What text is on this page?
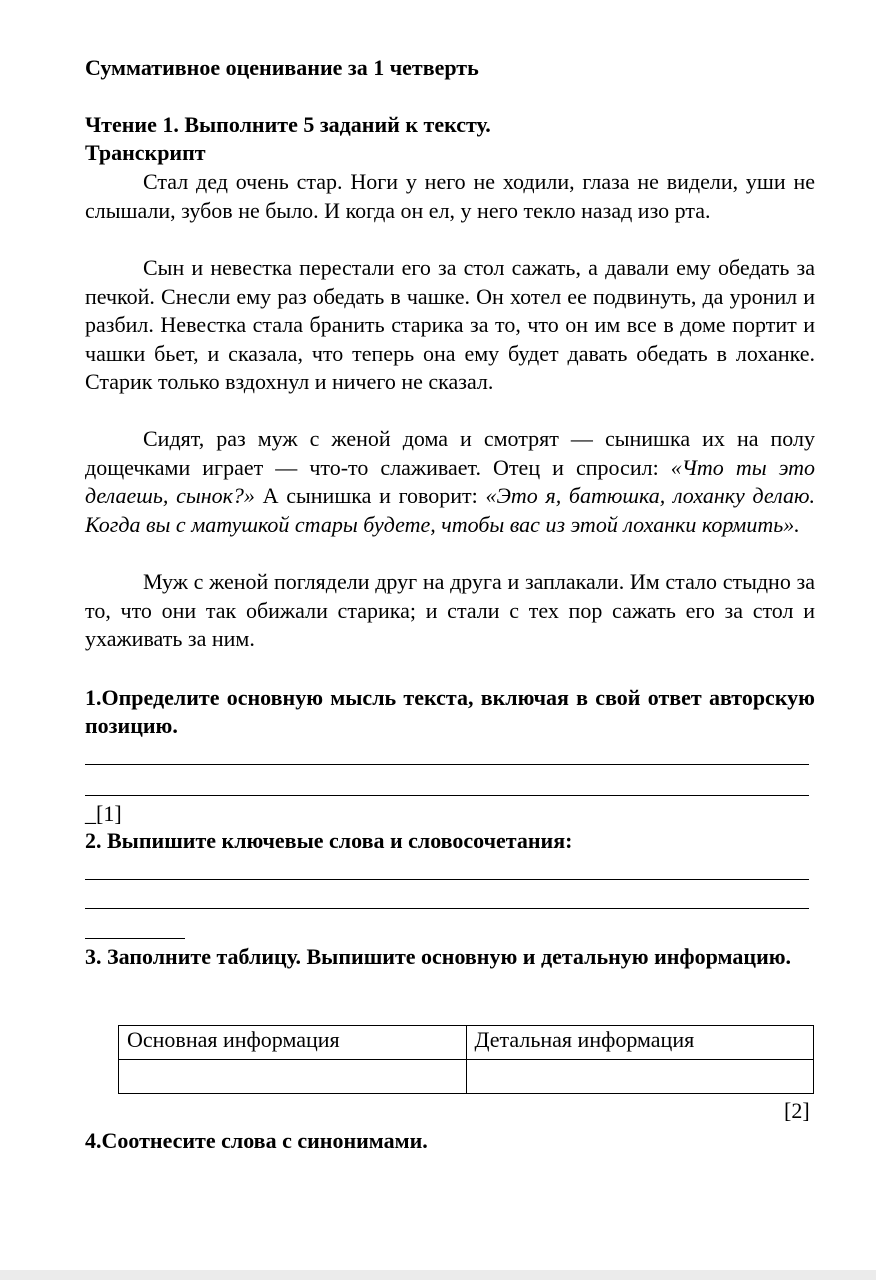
Суммативное оценивание за 1 четверть
Чтение 1. Выполните 5 заданий к тексту.
Транскрипт
Стал дед очень стар. Ноги у него не ходили, глаза не видели, уши не слышали, зубов не было. И когда он ел, у него текло назад изо рта.
Сын и невестка перестали его за стол сажать, а давали ему обедать за печкой. Снесли ему раз обедать в чашке. Он хотел ее подвинуть, да уронил и разбил. Невестка стала бранить старика за то, что он им все в доме портит и чашки бьет, и сказала, что теперь она ему будет давать обедать в лоханке. Старик только вздохнул и ничего не сказал.
Сидят, раз муж с женой дома и смотрят — сынишка их на полу дощечками играет — что-то слаживает. Отец и спросил: «Что ты это делаешь, сынок?» А сынишка и говорит: «Это я, батюшка, лоханку делаю. Когда вы с матушкой стары будете, чтобы вас из этой лоханки кормить».
Муж с женой поглядели друг на друга и заплакали. Им стало стыдно за то, что они так обижали старика; и стали с тех пор сажать его за стол и ухаживать за ним.
1.Определите основную мысль текста, включая в свой ответ авторскую позицию.
_[1]
2. Выпишите ключевые слова и словосочетания:
3. Заполните таблицу. Выпишите основную и детальную информацию.
[2]
4.Соотнесите слова с синонимами.
Основная информация	Детальная информация
